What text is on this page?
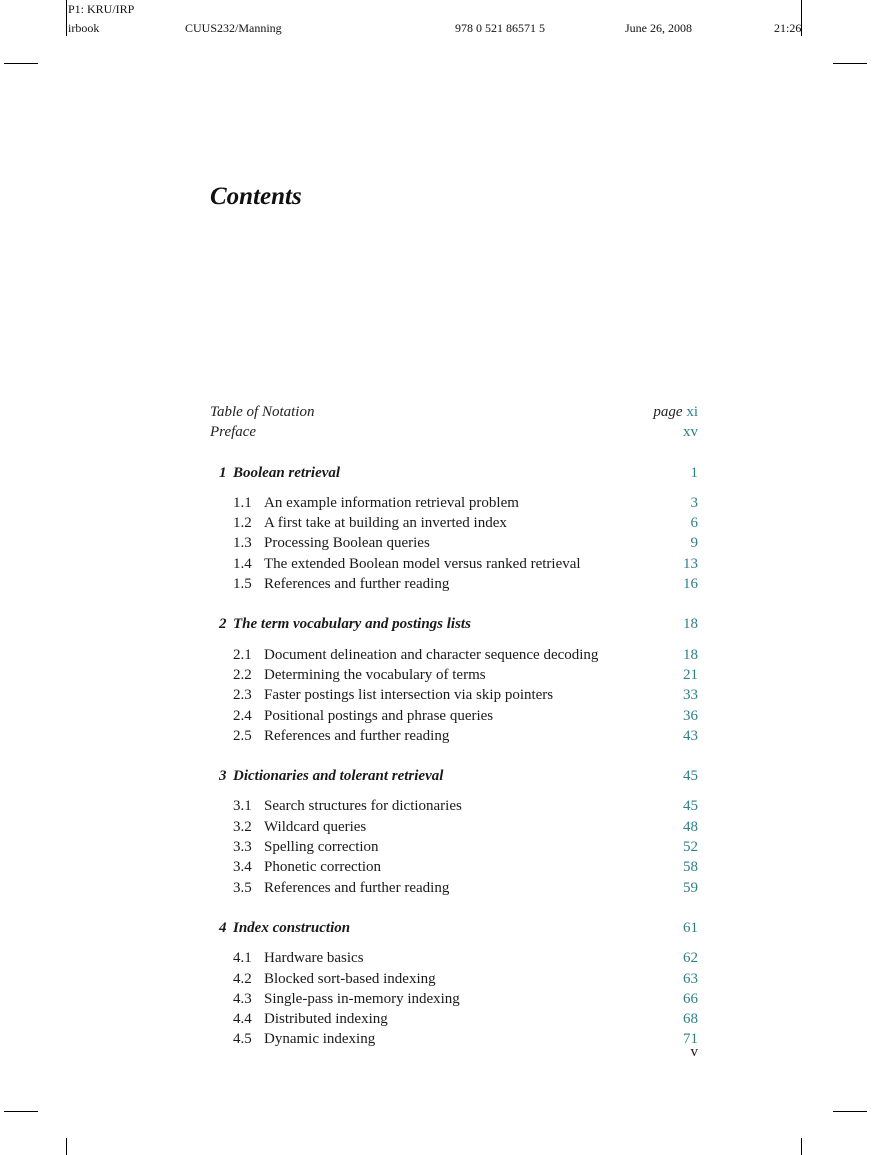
P1: KRU/IRP
irbook	CUUS232/Manning	978 0 521 86571 5	June 26, 2008	21:26
Contents
Table of Notation	page xi
Preface	xv
1 Boolean retrieval	1
1.1 An example information retrieval problem	3
1.2 A first take at building an inverted index	6
1.3 Processing Boolean queries	9
1.4 The extended Boolean model versus ranked retrieval	13
1.5 References and further reading	16
2 The term vocabulary and postings lists	18
2.1 Document delineation and character sequence decoding	18
2.2 Determining the vocabulary of terms	21
2.3 Faster postings list intersection via skip pointers	33
2.4 Positional postings and phrase queries	36
2.5 References and further reading	43
3 Dictionaries and tolerant retrieval	45
3.1 Search structures for dictionaries	45
3.2 Wildcard queries	48
3.3 Spelling correction	52
3.4 Phonetic correction	58
3.5 References and further reading	59
4 Index construction	61
4.1 Hardware basics	62
4.2 Blocked sort-based indexing	63
4.3 Single-pass in-memory indexing	66
4.4 Distributed indexing	68
4.5 Dynamic indexing	71
v
